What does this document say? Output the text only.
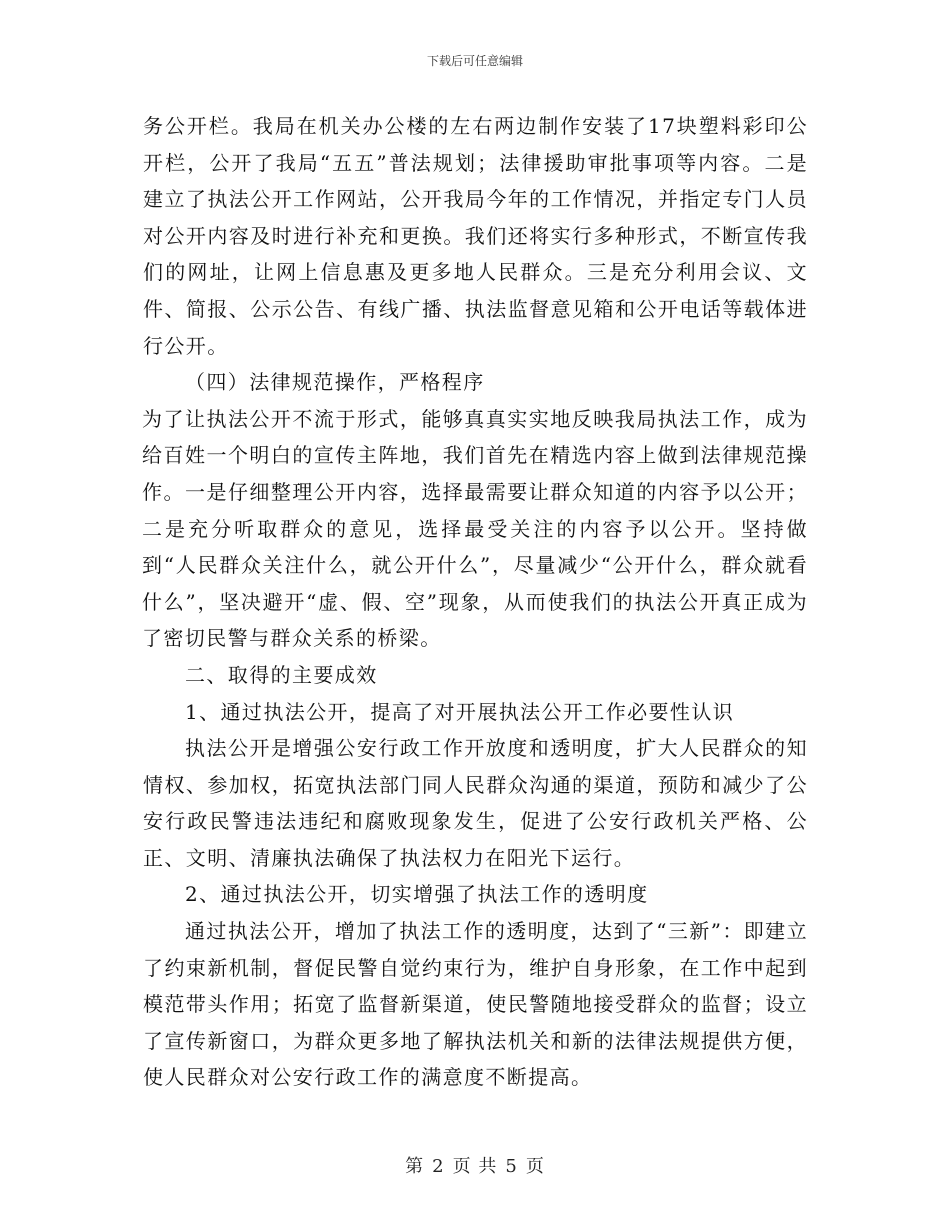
下载后可任意编辑

务公开栏。我局在机关办公楼的左右两边制作安装了17块塑料彩印公开栏，公开了我局“五五”普法规划；法律援助审批事项等内容。二是建立了执法公开工作网站，公开我局今年的工作情况，并指定专门人员对公开内容及时进行补充和更换。我们还将实行多种形式，不断宣传我们的网址，让网上信息惠及更多地人民群众。三是充分利用会议、文件、简报、公示公告、有线广播、执法监督意见箱和公开电话等载体进行公开。

（四）法律规范操作，严格程序

为了让执法公开不流于形式，能够真真实实地反映我局执法工作，成为给百姓一个明白的宣传主阵地，我们首先在精选内容上做到法律规范操作。一是仔细整理公开内容，选择最需要让群众知道的内容予以公开；二是充分听取群众的意见，选择最受关注的内容予以公开。坚持做到“人民群众关注什么，就公开什么”，尽量减少“公开什么，群众就看什么”，坚决避开“虚、假、空”现象，从而使我们的执法公开真正成为了密切民警与群众关系的桥梁。

二、取得的主要成效

1、通过执法公开，提高了对开展执法公开工作必要性认识

执法公开是增强公安行政工作开放度和透明度，扩大人民群众的知情权、参加权，拓宽执法部门同人民群众沟通的渠道，预防和减少了公安行政民警违法违纪和腐败现象发生，促进了公安行政机关严格、公正、文明、清廉执法确保了执法权力在阳光下运行。

2、通过执法公开，切实增强了执法工作的透明度

通过执法公开，增加了执法工作的透明度，达到了“三新”：即建立了约束新机制，督促民警自觉约束行为，维护自身形象，在工作中起到模范带头作用；拓宽了监督新渠道，使民警随地接受群众的监督；设立了宣传新窗口，为群众更多地了解执法机关和新的法律法规提供方便，使人民群众对公安行政工作的满意度不断提高。

第 2 页 共 5 页
